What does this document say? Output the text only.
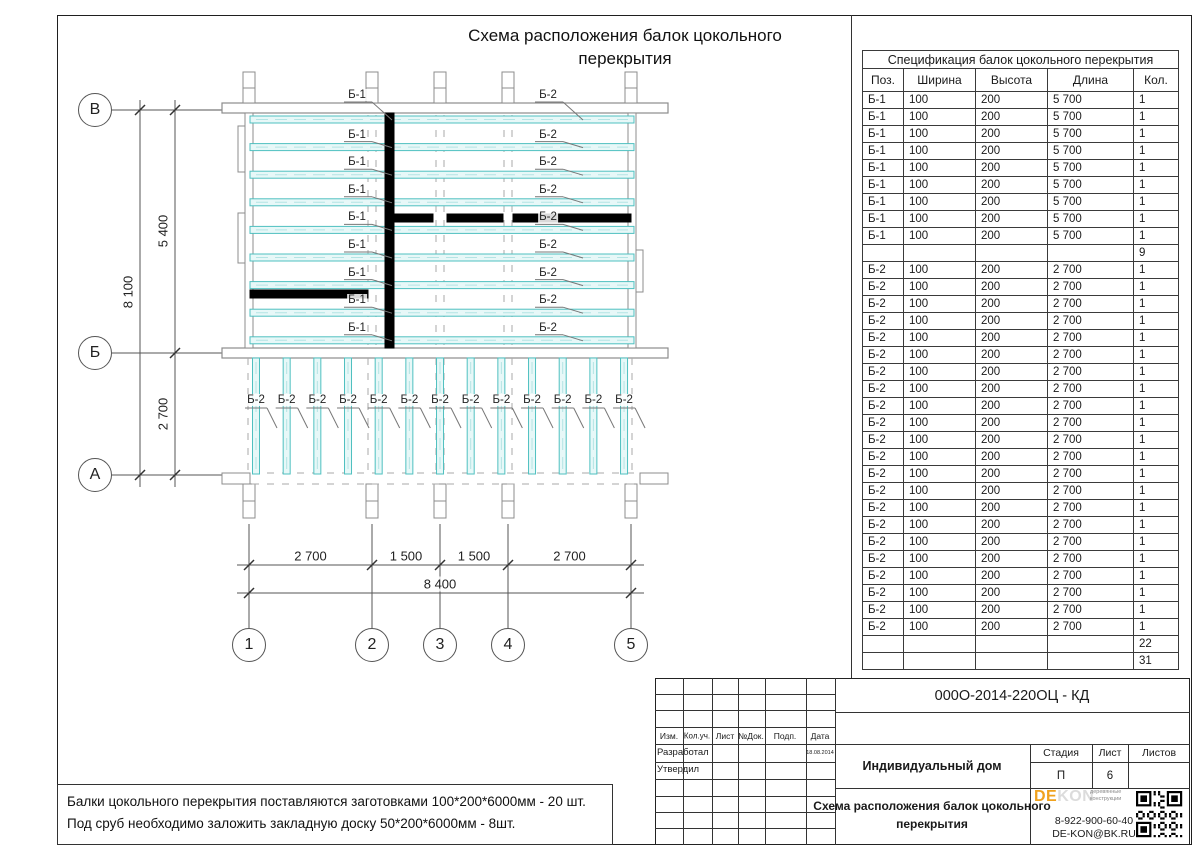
Схема расположения балок цокольного
перекрытия
Б-1	Б-2
Б-1	Б-2
Б-1	Б-2
Б-1	Б-2
Б-1	Б-2
Б-1	Б-2
Б-1	Б-2
Б-1	Б-2
Б-1	Б-2
Б-2 Б-2 Б-2 Б-2 Б-2 Б-2 Б-2 Б-2 Б-2 Б-2 Б-2 Б-2 Б-2
8 100
5 400
2 700
2 700	1 500	1 500	2 700
8 400
В
Б
А
1	2	3	4	5
Спецификация балок цокольного перекрытия				
Поз.	Ширина	Высота	Длина	Кол.
Б-1	100	200	5 700	1
Б-1	100	200	5 700	1
Б-1	100	200	5 700	1
Б-1	100	200	5 700	1
Б-1	100	200	5 700	1
Б-1	100	200	5 700	1
Б-1	100	200	5 700	1
Б-1	100	200	5 700	1
Б-1	100	200	5 700	1
				9
Б-2	100	200	2 700	1
Б-2	100	200	2 700	1
Б-2	100	200	2 700	1
Б-2	100	200	2 700	1
Б-2	100	200	2 700	1
Б-2	100	200	2 700	1
Б-2	100	200	2 700	1
Б-2	100	200	2 700	1
Б-2	100	200	2 700	1
Б-2	100	200	2 700	1
Б-2	100	200	2 700	1
Б-2	100	200	2 700	1
Б-2	100	200	2 700	1
Б-2	100	200	2 700	1
Б-2	100	200	2 700	1
Б-2	100	200	2 700	1
Б-2	100	200	2 700	1
Б-2	100	200	2 700	1
Б-2	100	200	2 700	1
Б-2	100	200	2 700	1
Б-2	100	200	2 700	1
Б-2	100	200	2 700	1
				22
				31
Изм. Кол.уч. Лист №Док. Подп. Дата
Разработал	18.08.2014
Утвердил
000О-2014-220ОЦ - КД
Индивидуальный дом
Стадия Лист Листов
П	6
Схема расположения балок цокольного
перекрытия
DEKON
деревянные
конструкции
8-922-900-60-40
DE-KON@BK.RU
Балки цокольного перекрытия поставляются заготовками 100*200*6000мм - 20 шт.
Под сруб необходимо заложить закладную доску 50*200*6000мм - 8шт.
